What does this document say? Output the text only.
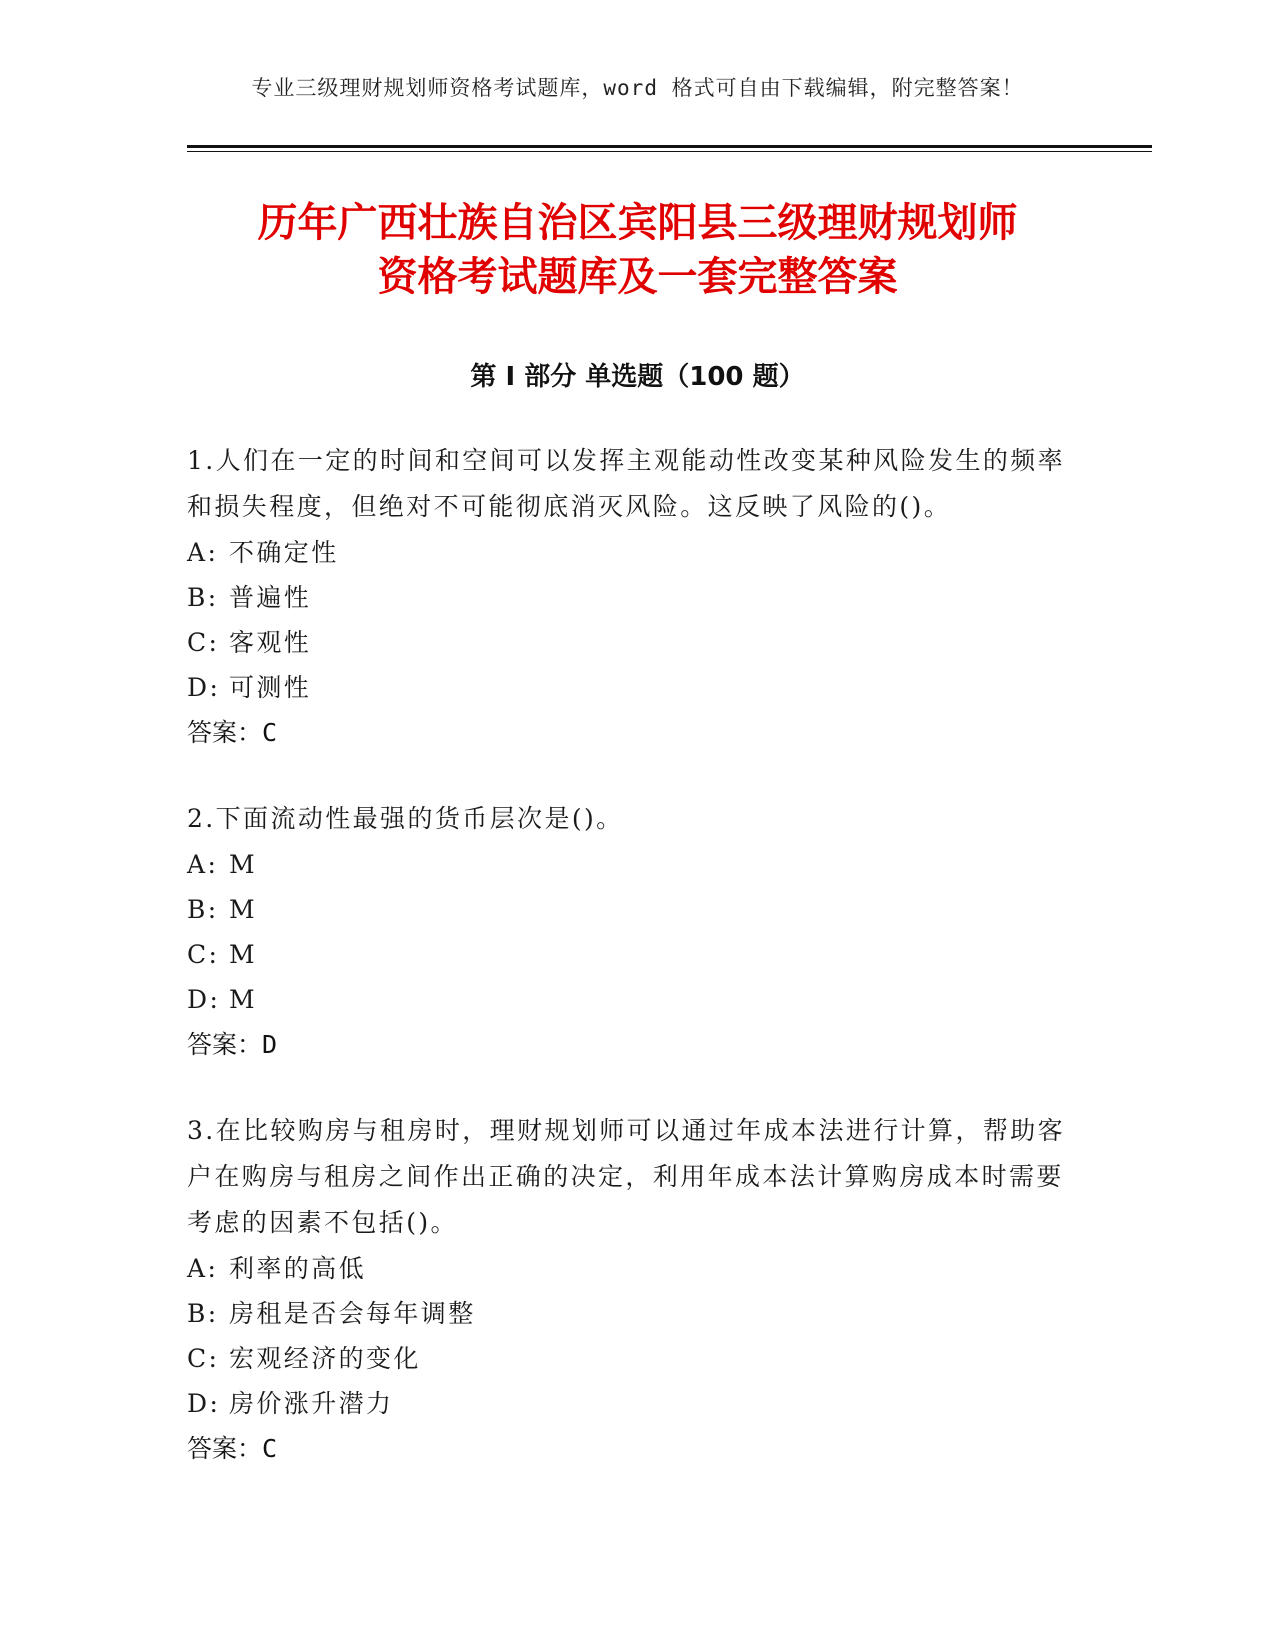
专业三级理财规划师资格考试题库，word 格式可自由下载编辑，附完整答案！
历年广西壮族自治区宾阳县三级理财规划师
资格考试题库及一套完整答案
第 I 部分 单选题（100 题）

1.人们在一定的时间和空间可以发挥主观能动性改变某种风险发生的频率和损失程度，但绝对不可能彻底消灭风险。这反映了风险的()。

A: 不确定性
B: 普遍性
C: 客观性
D: 可测性
答案：C

2.下面流动性最强的货币层次是()。

A: M
B: M
C: M
D: M
答案：D

3.在比较购房与租房时，理财规划师可以通过年成本法进行计算，帮助客户在购房与租房之间作出正确的决定，利用年成本法计算购房成本时需要考虑的因素不包括()。

A: 利率的高低
B: 房租是否会每年调整
C: 宏观经济的变化
D: 房价涨升潜力
答案：C
